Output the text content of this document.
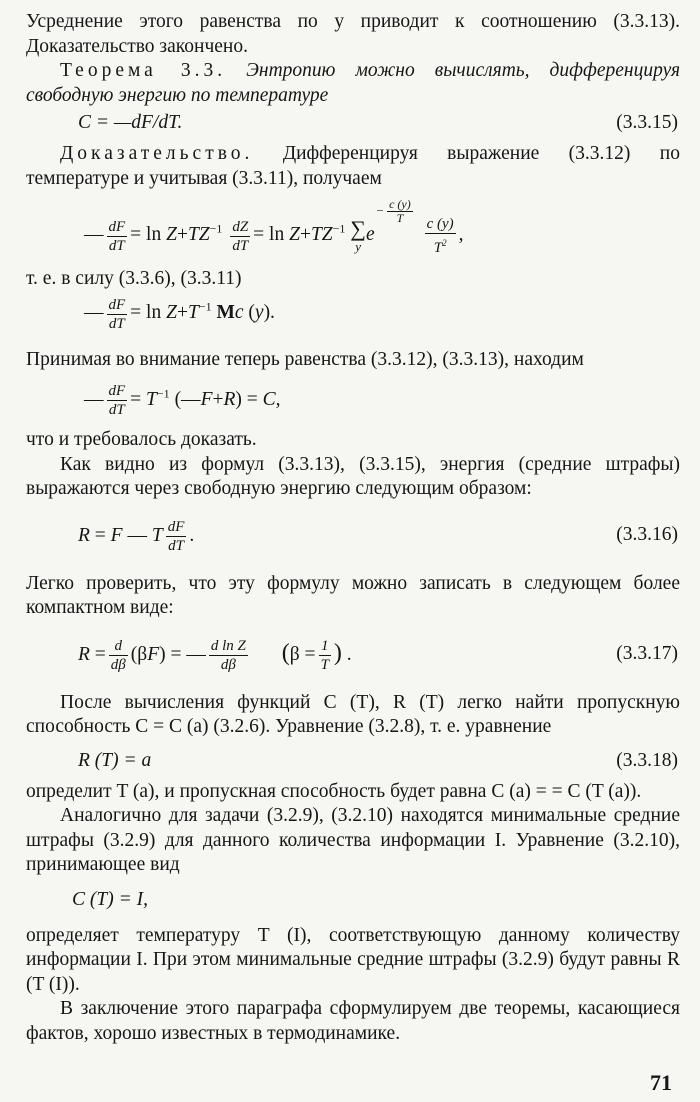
Усреднение этого равенства по y приводит к соотношению (3.3.13). Доказательство закончено.

Теорема 3.3. Энтропию можно вычислять, дифференцируя свободную энергию по температуре

C = —dF/dT.	(3.3.15)

Доказательство. Дифференцируя выражение (3.3.12) по температуре и учитывая (3.3.11), получаем

— $\frac{dF}{dT} = \ln Z+TZ^{-1} \frac{dZ}{dT} = \ln Z+TZ^{-1}$ ∑
y
$e- \frac{c (y)}{T}$

$\frac{c (y)}{T^2}$ ,

т. е. в силу (3.3.6), (3.3.11)

— $\frac{dF}{dT} = \ln Z+T^{-1}$ Mc (y).

Принимая во внимание теперь равенства (3.3.12), (3.3.13), находим

— $\frac{dF}{dT} = T^{-1}$ (—F+R) = C,

что и требовалось доказать.

Как видно из формул (3.3.13), (3.3.15), энергия (средние штрафы) выражаются через свободную энергию следующим образом:

R = F — T $\frac{dF}{dT}$ .	(3.3.16)

Легко проверить, что эту формулу можно записать в следующем более компактном виде:

$R = \frac{d}{d\beta} (\beta F)$ = — $\frac{\text{d ln Z}}{d\beta} (\beta = \frac{1}{T}$ ) .	(3.3.17)

После вычисления функций C (T), R (T) легко найти пропускную способность C = C (a) (3.2.6). Уравнение (3.2.8), т. е. уравнение

R (T) = a	(3.3.18)

определит T (a), и пропускная способность будет равна C (a) = = C (T (a)).

Аналогично для задачи (3.2.9), (3.2.10) находятся минимальные средние штрафы (3.2.9) для данного количества информации I. Уравнение (3.2.10), принимающее вид

C (T) = I,

определяет температуру T (I), соответствующую данному количеству информации I. При этом минимальные средние штрафы (3.2.9) будут равны R (T (I)).

В заключение этого параграфа сформулируем две теоремы, касающиеся фактов, хорошо известных в термодинамике.

71
